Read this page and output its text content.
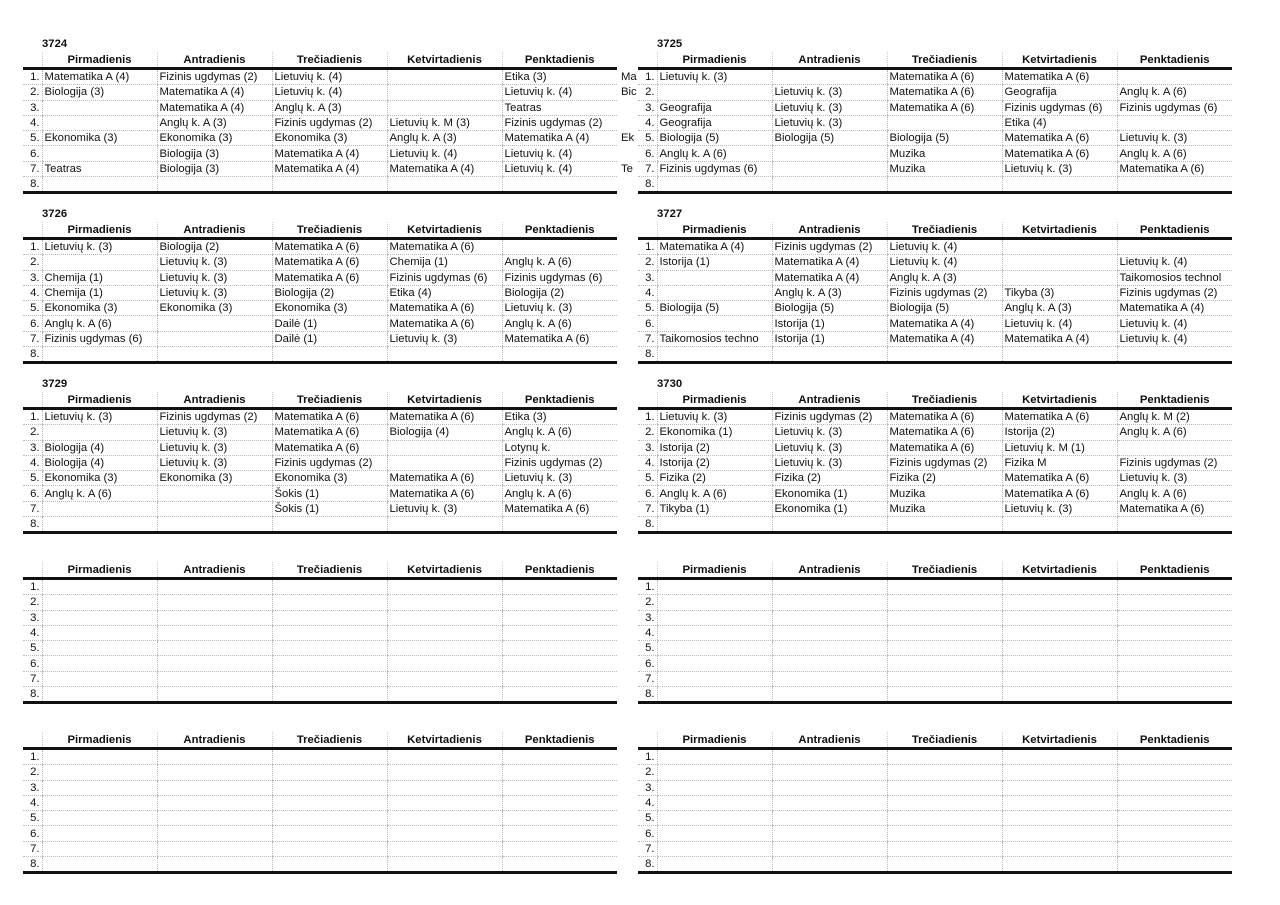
3724
	Pirmadienis	Antradienis	Trečiadienis	Ketvirtadienis	Penktadienis	
1.	Matematika A (4)	Fizinis ugdymas (2)	Lietuvių k. (4)		Etika (3)	Ma
2.	Biologija (3)	Matematika A (4)	Lietuvių k. (4)		Lietuvių k. (4)	Bic
3.		Matematika A (4)	Anglų k. A (3)		Teatras	
4.		Anglų k. A (3)	Fizinis ugdymas (2)	Lietuvių k. M (3)	Fizinis ugdymas (2)	
5.	Ekonomika (3)	Ekonomika (3)	Ekonomika (3)	Anglų k. A (3)	Matematika A (4)	Ek
6.		Biologija (3)	Matematika A (4)	Lietuvių k. (4)	Lietuvių k. (4)	
7.	Teatras	Biologija (3)	Matematika A (4)	Matematika A (4)	Lietuvių k. (4)	Te
8.						
3725
	Pirmadienis	Antradienis	Trečiadienis	Ketvirtadienis	Penktadienis
1.	Lietuvių k. (3)		Matematika A (6)	Matematika A (6)	
2.		Lietuvių k. (3)	Matematika A (6)	Geografija	Anglų k. A (6)
3.	Geografija	Lietuvių k. (3)	Matematika A (6)	Fizinis ugdymas (6)	Fizinis ugdymas (6)
4.	Geografija	Lietuvių k. (3)		Etika (4)	
5.	Biologija (5)	Biologija (5)	Biologija (5)	Matematika A (6)	Lietuvių k. (3)
6.	Anglų k. A (6)		Muzika	Matematika A (6)	Anglų k. A (6)
7.	Fizinis ugdymas (6)		Muzika	Lietuvių k. (3)	Matematika A (6)
8.					
3726
	Pirmadienis	Antradienis	Trečiadienis	Ketvirtadienis	Penktadienis
1.	Lietuvių k. (3)	Biologija (2)	Matematika A (6)	Matematika A (6)	
2.		Lietuvių k. (3)	Matematika A (6)	Chemija (1)	Anglų k. A (6)
3.	Chemija (1)	Lietuvių k. (3)	Matematika A (6)	Fizinis ugdymas (6)	Fizinis ugdymas (6)
4.	Chemija (1)	Lietuvių k. (3)	Biologija (2)	Etika (4)	Biologija (2)
5.	Ekonomika (3)	Ekonomika (3)	Ekonomika (3)	Matematika A (6)	Lietuvių k. (3)
6.	Anglų k. A (6)		Dailė (1)	Matematika A (6)	Anglų k. A (6)
7.	Fizinis ugdymas (6)		Dailė (1)	Lietuvių k. (3)	Matematika A (6)
8.					
3727
	Pirmadienis	Antradienis	Trečiadienis	Ketvirtadienis	Penktadienis
1.	Matematika A (4)	Fizinis ugdymas (2)	Lietuvių k. (4)		
2.	Istorija (1)	Matematika A (4)	Lietuvių k. (4)		Lietuvių k. (4)
3.		Matematika A (4)	Anglų k. A (3)		Taikomosios technol
4.		Anglų k. A (3)	Fizinis ugdymas (2)	Tikyba (3)	Fizinis ugdymas (2)
5.	Biologija (5)	Biologija (5)	Biologija (5)	Anglų k. A (3)	Matematika A (4)
6.		Istorija (1)	Matematika A (4)	Lietuvių k. (4)	Lietuvių k. (4)
7.	Taikomosios techno	Istorija (1)	Matematika A (4)	Matematika A (4)	Lietuvių k. (4)
8.					
3729
	Pirmadienis	Antradienis	Trečiadienis	Ketvirtadienis	Penktadienis
1.	Lietuvių k. (3)	Fizinis ugdymas (2)	Matematika A (6)	Matematika A (6)	Etika (3)
2.		Lietuvių k. (3)	Matematika A (6)	Biologija (4)	Anglų k. A (6)
3.	Biologija (4)	Lietuvių k. (3)	Matematika A (6)		Lotynų k.
4.	Biologija (4)	Lietuvių k. (3)	Fizinis ugdymas (2)		Fizinis ugdymas (2)
5.	Ekonomika (3)	Ekonomika (3)	Ekonomika (3)	Matematika A (6)	Lietuvių k. (3)
6.	Anglų k. A (6)		Šokis (1)	Matematika A (6)	Anglų k. A (6)
7.			Šokis (1)	Lietuvių k. (3)	Matematika A (6)
8.					
3730
	Pirmadienis	Antradienis	Trečiadienis	Ketvirtadienis	Penktadienis
1.	Lietuvių k. (3)	Fizinis ugdymas (2)	Matematika A (6)	Matematika A (6)	Anglų k. M (2)
2.	Ekonomika (1)	Lietuvių k. (3)	Matematika A (6)	Istorija (2)	Anglų k. A (6)
3.	Istorija (2)	Lietuvių k. (3)	Matematika A (6)	Lietuvių k. M (1)	
4.	Istorija (2)	Lietuvių k. (3)	Fizinis ugdymas (2)	Fizika M	Fizinis ugdymas (2)
5.	Fizika (2)	Fizika (2)	Fizika (2)	Matematika A (6)	Lietuvių k. (3)
6.	Anglų k. A (6)	Ekonomika (1)	Muzika	Matematika A (6)	Anglų k. A (6)
7.	Tikyba (1)	Ekonomika (1)	Muzika	Lietuvių k. (3)	Matematika A (6)
8.					
	Pirmadienis	Antradienis	Trečiadienis	Ketvirtadienis	Penktadienis
1.					
2.					
3.					
4.					
5.					
6.					
7.					
8.					
	Pirmadienis	Antradienis	Trečiadienis	Ketvirtadienis	Penktadienis
1.					
2.					
3.					
4.					
5.					
6.					
7.					
8.					
	Pirmadienis	Antradienis	Trečiadienis	Ketvirtadienis	Penktadienis
1.					
2.					
3.					
4.					
5.					
6.					
7.					
8.					
	Pirmadienis	Antradienis	Trečiadienis	Ketvirtadienis	Penktadienis
1.					
2.					
3.					
4.					
5.					
6.					
7.					
8.					
